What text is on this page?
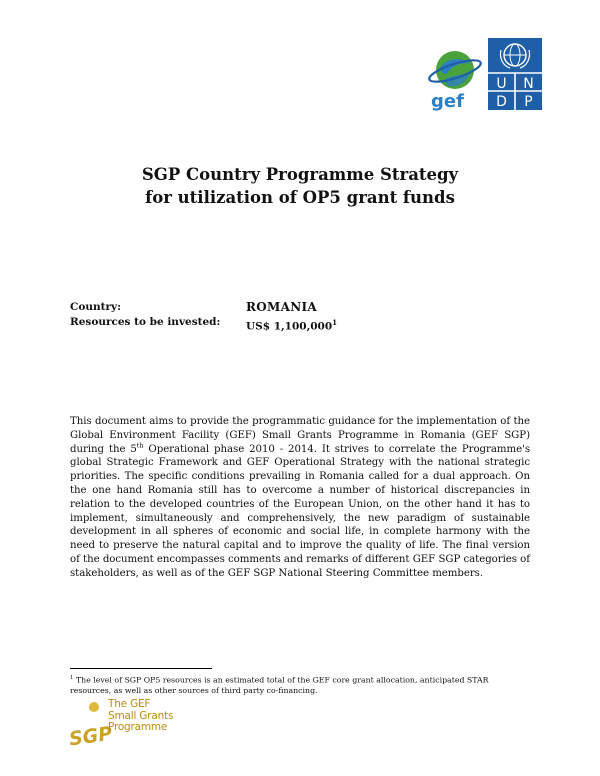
gef
U N
D P
SGP Country Programme Strategy
for utilization of OP5 grant funds
Country:	ROMANIA
Resources to be invested:	US$ 1,100,000$^1$
This document aims to provide the programmatic guidance for the implementation of the Global Environment Facility (GEF) Small Grants Programme in Romania (GEF SGP) during the 5th Operational phase 2010 - 2014. It strives to correlate the Programme's global Strategic Framework and GEF Operational Strategy with the national strategic priorities. The specific conditions prevailing in Romania called for a dual approach. On the one hand Romania still has to overcome a number of historical discrepancies in relation to the developed countries of the European Union, on the other hand it has to implement, simultaneously and comprehensively, the new paradigm of sustainable development in all spheres of economic and social life, in complete harmony with the need to preserve the natural capital and to improve the quality of life. The final version of the document encompasses comments and remarks of different GEF SGP categories of stakeholders, as well as of the GEF SGP National Steering Committee members.
$^1$ The level of SGP OP5 resources is an estimated total of the GEF core grant allocation, anticipated STAR resources, as well as other sources of third party co-financing.
SGP
The GEF
Small Grants
Programme
